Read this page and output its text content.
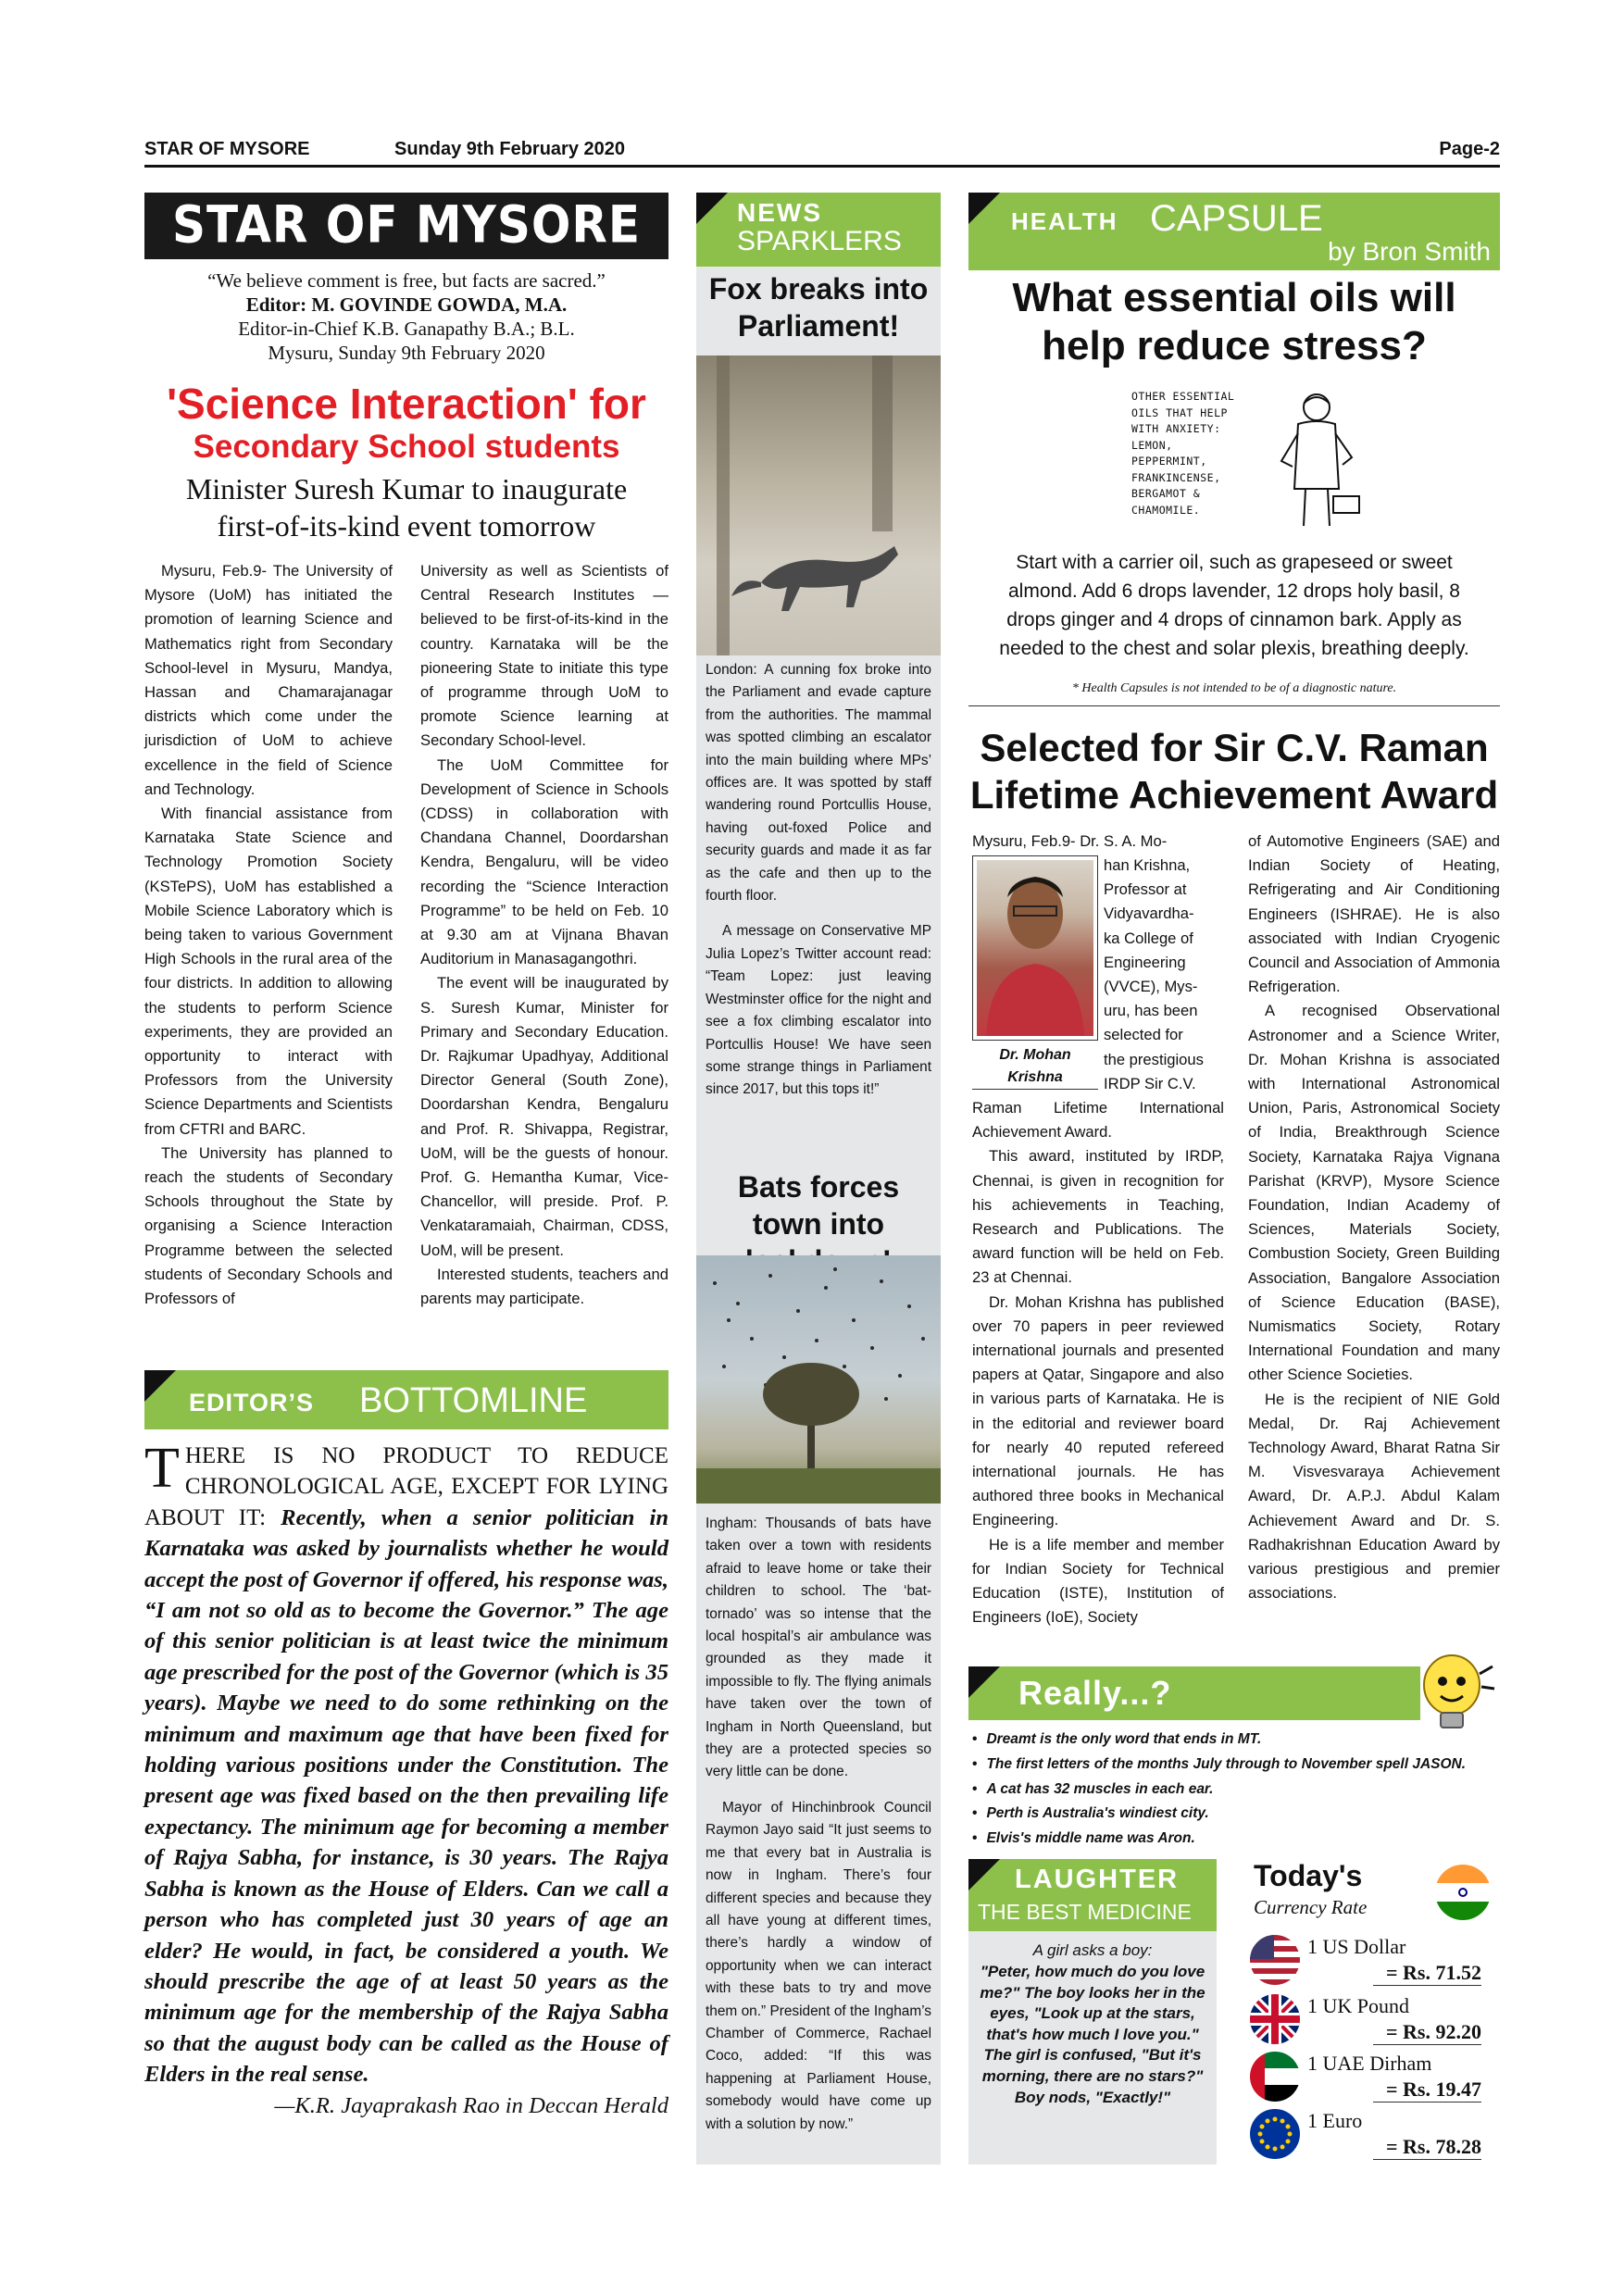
STAR OF MYSORE	Sunday 9th February 2020	Page-2
STAR OF MYSORE
“We believe comment is free, but facts are sacred.”
Editor: M. GOVINDE GOWDA, M.A.
Editor-in-Chief K.B. Ganapathy B.A.; B.L.
Mysuru, Sunday 9th February 2020
'Science Interaction' for
Secondary School students
Minister Suresh Kumar to inaugurate
first-of-its-kind event tomorrow

Mysuru, Feb.9- The University of Mysore (UoM) has initiated the promotion of learning Science and Mathematics right from Secondary School-level in Mysuru, Mandya, Hassan and Chamarajanagar districts which come under the jurisdiction of UoM to achieve excellence in the field of Science and Technology.

With financial assistance from Karnataka State Science and Technology Promotion Society (KSTePS), UoM has established a Mobile Science Laboratory which is being taken to various Government High Schools in the rural area of the four districts. In addition to allowing the students to perform Science experiments, they are provided an opportunity to interact with Professors from the University Science Departments and Scientists from CFTRI and BARC.

The University has planned to reach the students of Secondary Schools throughout the State by organising a Science Interaction Programme between the selected students of Secondary Schools and Professors of

University as well as Scientists of Central Research Institutes — believed to be first-of-its-kind in the country. Karnataka will be the pioneering State to initiate this type of programme through UoM to promote Science learning at Secondary School-level.

The UoM Committee for Development of Science in Schools (CDSS) in collaboration with Chandana Channel, Doordarshan Kendra, Bengaluru, will be video recording the “Science Interaction Programme” to be held on Feb. 10 at 9.30 am at Vijnana Bhavan Auditorium in Manasagangothri.

The event will be inaugurated by S. Suresh Kumar, Minister for Primary and Secondary Education. Dr. Rajkumar Upadhyay, Additional Director General (South Zone), Doordarshan Kendra, Bengaluru and Prof. R. Shivappa, Registrar, UoM, will be the guests of honour. Prof. G. Hemantha Kumar, Vice- Chancellor, will preside. Prof. P. Venkataramaiah, Chairman, CDSS, UoM, will be present.

Interested students, teachers and parents may participate.

EDITOR’S BOTTOMLINE
THERE IS NO PRODUCT TO REDUCE CHRONOLOGICAL AGE, EXCEPT FOR LYING ABOUT IT: Recently, when a senior politician in Karnataka was asked by journalists whether he would accept the post of Governor if offered, his response was, “I am not so old as to become the Governor.” The age of this senior politician is at least twice the minimum age prescribed for the post of the Governor (which is 35 years). Maybe we need to do some rethinking on the minimum and maximum age that have been fixed for holding various positions under the Constitution. The present age was fixed based on the then prevailing life expectancy. The minimum age for becoming a member of Rajya Sabha, for instance, is 30 years. The Rajya Sabha is known as the House of Elders. Can we call a person who has completed just 30 years of age an elder? He would, in fact, be considered a youth. We should prescribe the age of at least 50 years as the minimum age for the membership of the Rajya Sabha so that the august body can be called as the House of Elders in the real sense.
—K.R. Jayaprakash Rao in Deccan Herald
NEWS
SPARKLERS
Fox breaks into Parliament!

London: A cunning fox broke into the Parliament and evade capture from the authorities. The mammal was spotted climbing an escalator into the main building where MPs’ offices are. It was spotted by staff wandering round Portcullis House, having out-foxed Police and security guards and made it as far as the cafe and then up to the fourth floor.

A message on Conservative MP Julia Lopez’s Twitter account read: “Team Lopez: just leaving Westminster office for the night and see a fox climbing escalator into Portcullis House! We have seen some strange things in Parliament since 2017, but this tops it!”

Bats forces town into

Ingham: Thousands of bats have taken over a town with residents afraid to leave home or take their children to school. The ‘bat-tornado’ was so intense that the local hospital’s air ambulance was grounded as they made it impossible to fly. The flying animals have taken over the town of Ingham in North Queensland, but they are a protected species so very little can be done.

Mayor of Hinchinbrook Council Raymon Jayo said “It just seems to me that every bat in Australia is now in Ingham. There’s four different species and because they all have young at different times, there’s hardly a window of opportunity when we can interact with these bats to try and move them on.” President of the Ingham’s Chamber of Commerce, Rachael Coco, added: “If this was happening at Parliament House, somebody would have come up with a solution by now.”

HEALTH CAPSULE
by Bron Smith
What essential oils will
help reduce stress?
OTHER ESSENTIAL
OILS THAT HELP
WITH ANXIETY:
LEMON,
PEPPERMINT,
FRANKINCENSE,
BERGAMOT &
CHAMOMILE.
Start with a carrier oil, such as grapeseed or sweet almond. Add 6 drops lavender, 12 drops holy basil, 8 drops ginger and 4 drops of cinnamon bark. Apply as needed to the chest and solar plexis, breathing deeply.
* Health Capsules is not intended to be of a diagnostic nature.
Selected for Sir C.V. Raman
Lifetime Achievement Award
Dr. Mohan
Krishna
han Krishna,
Professor at
Vidyavardha-
ka College of
Engineering
(VVCE), Mys-
uru, has been
selected for
the prestigious
IRDP Sir C.V.
Mysuru, Feb.9- Dr. S. A. Mo-

Raman Lifetime International Achievement Award.

This award, instituted by IRDP, Chennai, is given in recognition for his achievements in Teaching, Research and Publications. The award function will be held on Feb. 23 at Chennai.

Dr. Mohan Krishna has published over 70 papers in peer reviewed international journals and presented papers at Qatar, Singapore and also in various parts of Karnataka. He is in the editorial and reviewer board for nearly 40 reputed refereed international journals. He has authored three books in Mechanical Engineering.

He is a life member and member for Indian Society for Technical Education (ISTE), Institution of Engineers (IoE), Society

of Automotive Engineers (SAE) and Indian Society of Heating, Refrigerating and Air Conditioning Engineers (ISHRAE). He is also associated with Indian Cryogenic Council and Association of Ammonia Refrigeration.

A recognised Observational Astronomer and a Science Writer, Dr. Mohan Krishna is associated with International Astronomical Union, Paris, Astronomical Society of India, Breakthrough Science Society, Karnataka Rajya Vignana Parishat (KRVP), Mysore Science Foundation, Indian Academy of Sciences, Materials Society, Combustion Society, Green Building Association, Bangalore Association of Science Education (BASE), Numismatics Society, Rotary International Foundation and many other Science Societies.

He is the recipient of NIE Gold Medal, Dr. Raj Achievement Technology Award, Bharat Ratna Sir M. Visvesvaraya Achievement Award, Dr. A.P.J. Abdul Kalam Achievement Award and Dr. S. Radhakrishnan Education Award by various prestigious and premier associations.

Really...?
• Dreamt is the only word that ends in MT.
• The first letters of the months July through to November spell JASON.
• A cat has 32 muscles in each ear.
• Perth is Australia's windiest city.
• Elvis's middle name was Aron.
LAUGHTER
THE BEST MEDICINE
A girl asks a boy:
"Peter, how much do you love me?" The boy looks her in the eyes, "Look up at the stars, that's how much I love you." The girl is confused, "But it's morning, there are no stars?" Boy nods, "Exactly!"
Today's
Currency Rate
1 US Dollar
= Rs. 71.52
1 UK Pound
= Rs. 92.20
1 UAE Dirham
= Rs. 19.47
1 Euro
= Rs. 78.28
